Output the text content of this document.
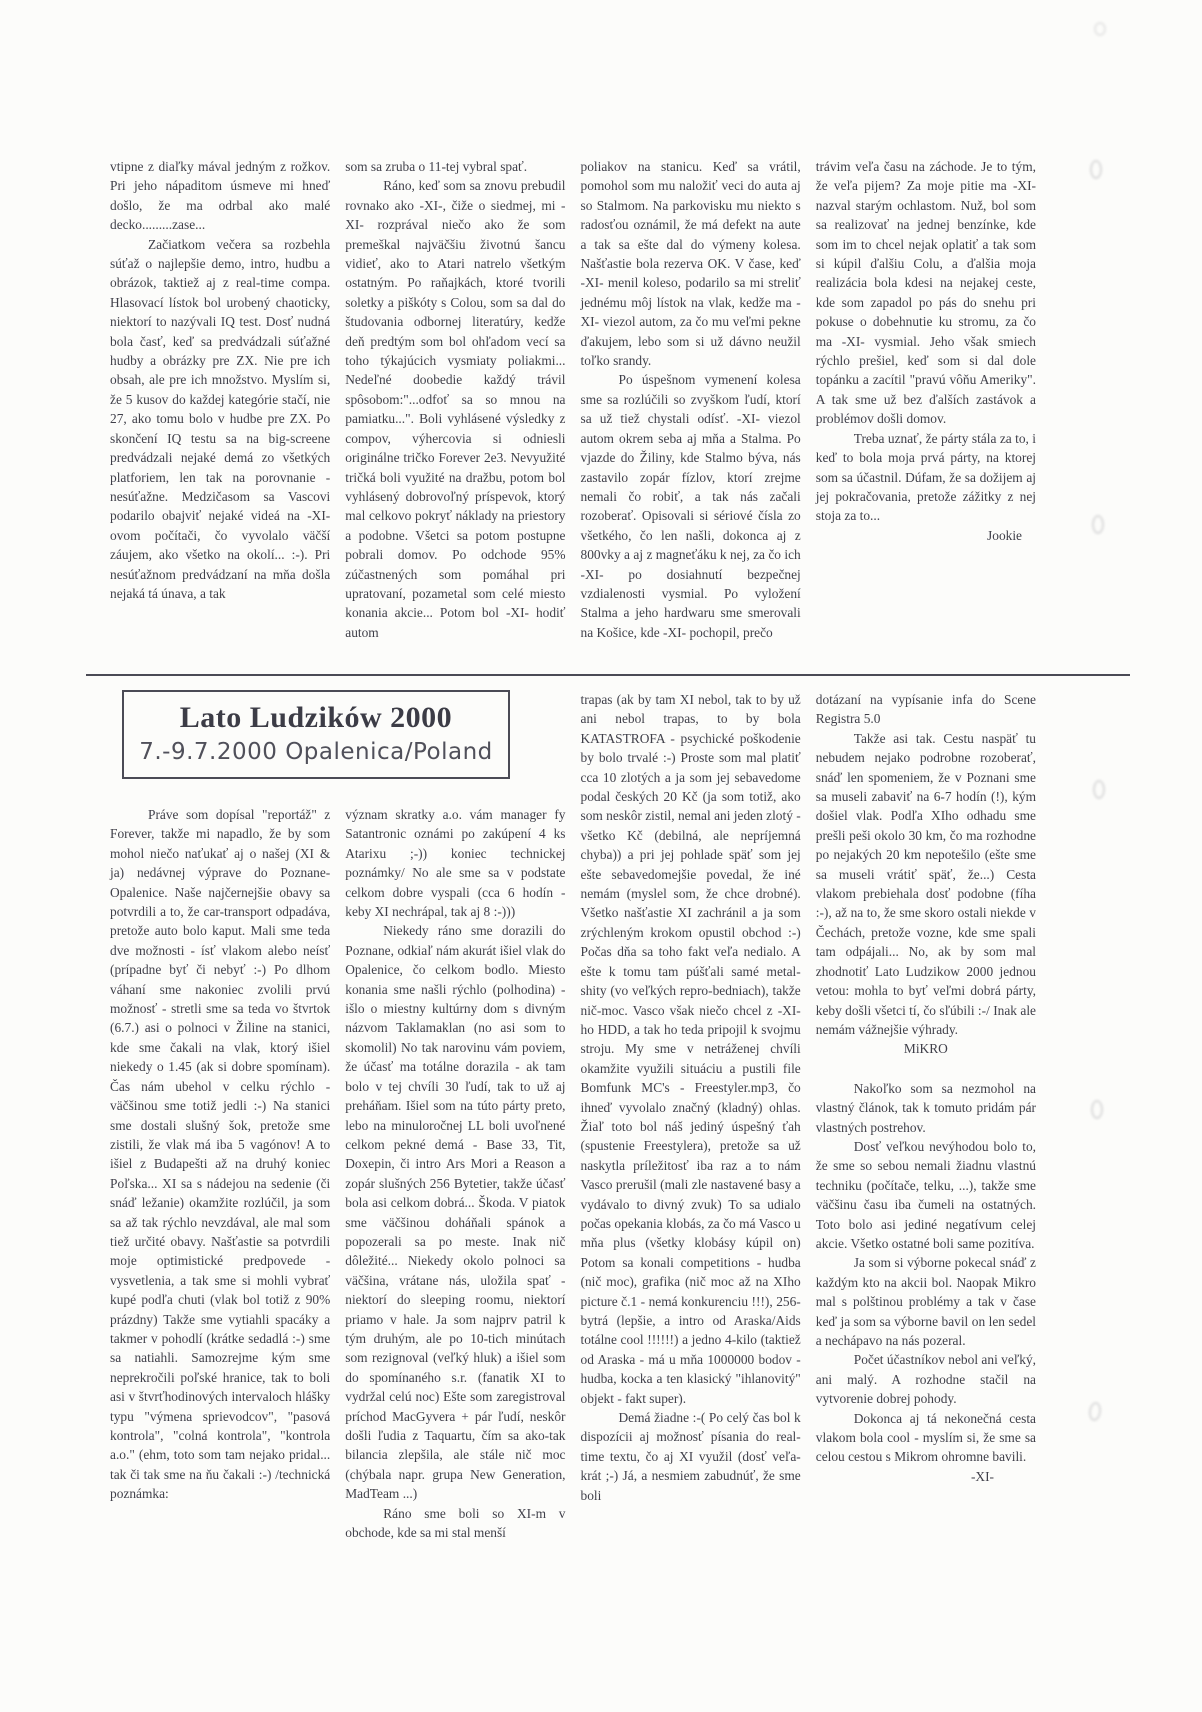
vtipne z diaľky mával jedným z rožkov. Pri jeho nápaditom úsmeve mi hneď došlo, že ma odrbal ako malé decko.........zase...

Začiatkom večera sa rozbehla súťaž o najlepšie demo, intro, hudbu a obrázok, taktiež aj z real-time compa. Hlasovací lístok bol urobený chaoticky, niektorí to nazývali IQ test. Dosť nudná bola časť, keď sa predvádzali súťažné hudby a obrázky pre ZX. Nie pre ich obsah, ale pre ich množstvo. Myslím si, že 5 kusov do každej kategórie stačí, nie 27, ako tomu bolo v hudbe pre ZX. Po skončení IQ testu sa na big-screene predvádzali nejaké demá zo všetkých platforiem, len tak na porovnanie - nesúťažne. Medzičasom sa Vascovi podarilo obajviť nejaké videá na -XI-ovom počítači, čo vyvolalo väčší záujem, ako všetko na okolí... :-). Pri nesúťažnom predvádzaní na mňa došla nejaká tá únava, a tak

som sa zruba o 11-tej vybral spať.

Ráno, keď som sa znovu prebudil rovnako ako -XI-, čiže o siedmej, mi -XI- rozprával niečo ako že som premeškal najväčšiu životnú šancu vidieť, ako to Atari natrelo všetkým ostatným. Po raňajkách, ktoré tvorili soletky a piškóty s Colou, som sa dal do študovania odbornej literatúry, kedže deň predtým som bol ohľadom vecí sa toho týkajúcich vysmiaty poliakmi... Nedeľné doobedie každý trávil spôsobom:"...odfoť sa so mnou na pamiatku...". Boli vyhlásené výsledky z compov, výhercovia si odniesli originálne tričko Forever 2e3. Nevyužité tričká boli využité na dražbu, potom bol vyhlásený dobrovoľný príspevok, ktorý mal celkovo pokryť náklady na priestory a podobne. Všetci sa potom postupne pobrali domov. Po odchode 95% zúčastnených som pomáhal pri upratovaní, pozametal som celé miesto konania akcie... Potom bol -XI- hodiť autom

poliakov na stanicu. Keď sa vrátil, pomohol som mu naložiť veci do auta aj so Stalmom. Na parkovisku mu niekto s radosťou oznámil, že má defekt na aute a tak sa ešte dal do výmeny kolesa. Našťastie bola rezerva OK. V čase, keď -XI- menil koleso, podarilo sa mi streliť jednému môj lístok na vlak, kedže ma -XI- viezol autom, za čo mu veľmi pekne ďakujem, lebo som si už dávno neužil toľko srandy.

Po úspešnom vymenení kolesa sme sa rozlúčili so zvyškom ľudí, ktorí sa už tiež chystali odísť. -XI- viezol autom okrem seba aj mňa a Stalma. Po vjazde do Žiliny, kde Stalmo býva, nás zastavilo zopár fízlov, ktorí zrejme nemali čo robiť, a tak nás začali rozoberať. Opisovali si sériové čísla zo všetkého, čo len našli, dokonca aj z 800vky a aj z magneťáku k nej, za čo ich -XI- po dosiahnutí bezpečnej vzdialenosti vysmial. Po vyložení Stalma a jeho hardwaru sme smerovali na Košice, kde -XI- pochopil, prečo

trávim veľa času na záchode. Je to tým, že veľa pijem? Za moje pitie ma -XI- nazval starým ochlastom. Nuž, bol som sa realizovať na jednej benzínke, kde som im to chcel nejak oplatiť a tak som si kúpil ďalšiu Colu, a ďalšia moja realizácia bola kdesi na nejakej ceste, kde som zapadol po pás do snehu pri pokuse o dobehnutie ku stromu, za čo ma -XI- vysmial. Jeho však smiech rýchlo prešiel, keď som si dal dole topánku a zacítil "pravú vôňu Ameriky". A tak sme už bez ďalších zastávok a problémov došli domov.

Treba uznať, že párty stála za to, i keď to bola moja prvá párty, na ktorej som sa účastnil. Dúfam, že sa dožijem aj jej pokračovania, pretože zážitky z nej stoja za to...

Jookie

Lato Ludzików 2000
7.-9.7.2000 Opalenica/Poland

Práve som dopísal "reportáž" z Forever, takže mi napadlo, že by som mohol niečo naťukať aj o našej (XI & ja) nedávnej výprave do Poznane-Opalenice. Naše najčernejšie obavy sa potvrdili a to, že car-transport odpadáva, pretože auto bolo kaput. Mali sme teda dve možnosti - ísť vlakom alebo neísť (prípadne byť či nebyť :-) Po dlhom váhaní sme nakoniec zvolili prvú možnosť - stretli sme sa teda vo štvrtok (6.7.) asi o polnoci v Žiline na stanici, kde sme čakali na vlak, ktorý išiel niekedy o 1.45 (ak si dobre spomínam). Čas nám ubehol v celku rýchlo - väčšinou sme totiž jedli :-) Na stanici sme dostali slušný šok, pretože sme zistili, že vlak má iba 5 vagónov! A to išiel z Budapešti až na druhý koniec Poľska... XI sa s nádejou na sedenie (či snáď ležanie) okamžite rozlúčil, ja som sa až tak rýchlo nevzdával, ale mal som tiež určité obavy. Našťastie sa potvrdili moje optimistické predpovede -vysvetlenia, a tak sme si mohli vybrať kupé podľa chuti (vlak bol totiž z 90% prázdny) Takže sme vytiahli spacáky a takmer v pohodlí (krátke sedadlá :-) sme sa natiahli. Samozrejme kým sme neprekročili poľské hranice, tak to boli asi v štvrťhodinových intervaloch hlášky typu "výmena sprievodcov", "pasová kontrola", "colná kontrola", "kontrola a.o." (ehm, toto som tam nejako pridal... tak či tak sme na ňu čakali :-) /technická poznámka:

význam skratky a.o. vám manager fy Satantronic oznámi po zakúpení 4 ks Atarixu ;-)) koniec technickej poznámky/ No ale sme sa v podstate celkom dobre vyspali (cca 6 hodín - keby XI nechrápal, tak aj 8 :-)))

Niekedy ráno sme dorazili do Poznane, odkiaľ nám akurát išiel vlak do Opalenice, čo celkom bodlo. Miesto konania sme našli rýchlo (polhodina) - išlo o miestny kultúrny dom s divným názvom Taklamaklan (no asi som to skomolil) No tak narovinu vám poviem, že účasť ma totálne dorazila - ak tam bolo v tej chvíli 30 ľudí, tak to už aj preháňam. Išiel som na túto párty preto, lebo na minuloročnej LL boli uvoľnené celkom pekné demá - Base 33, Tit, Doxepin, či intro Ars Mori a Reason a zopár slušných 256 Bytetier, takže účasť bola asi celkom dobrá... Škoda. V piatok sme väčšinou doháňali spánok a popozerali sa po meste. Inak nič dôležité... Niekedy okolo polnoci sa väčšina, vrátane nás, uložila spať - niektorí do sleeping roomu, niektorí priamo v hale. Ja som najprv patril k tým druhým, ale po 10-tich minútach som rezignoval (veľký hluk) a išiel som do spomínaného s.r. (fanatik XI to vydržal celú noc) Ešte som zaregistroval príchod MacGyvera + pár ľudí, neskôr došli ľudia z Taquartu, čím sa ako-tak bilancia zlepšila, ale stále nič moc (chýbala napr. grupa New Generation, MadTeam ...)

Ráno sme boli so XI-m v obchode, kde sa mi stal menší

trapas (ak by tam XI nebol, tak to by už ani nebol trapas, to by bola KATASTROFA - psychické poškodenie by bolo trvalé :-) Proste som mal platiť cca 10 zlotých a ja som jej sebavedome podal českých 20 Kč (ja som totiž, ako som neskôr zistil, nemal ani jeden zlotý - všetko Kč (debilná, ale nepríjemná chyba)) a pri jej pohlade späť som jej ešte sebavedomejšie povedal, že iné nemám (myslel som, že chce drobné). Všetko našťastie XI zachránil a ja som zrýchleným krokom opustil obchod :-) Počas dňa sa toho fakt veľa nedialo. A ešte k tomu tam púšťali samé metal-shity (vo veľkých repro-bedniach), takže nič-moc. Vasco však niečo chcel z -XI-ho HDD, a tak ho teda pripojil k svojmu stroju. My sme v netráženej chvíli okamžite využili situáciu a pustili file Bomfunk MC's - Freestyler.mp3, čo ihneď vyvolalo značný (kladný) ohlas. Žiaľ toto bol náš jediný úspešný ťah (spustenie Freestylera), pretože sa už naskytla príležitosť iba raz a to nám Vasco prerušil (mali zle nastavené basy a vydávalo to divný zvuk) To sa udialo počas opekania klobás, za čo má Vasco u mňa plus (všetky klobásy kúpil on) Potom sa konali competitions - hudba (nič moc), grafika (nič moc až na XIho picture č.1 - nemá konkurenciu !!!), 256-bytrá (lepšie, a intro od Araska/Aids totálne cool !!!!!!) a jedno 4-kilo (taktiež od Araska - má u mňa 1000000 bodov - hudba, kocka a ten klasický "ihlanovitý" objekt - fakt super).

Demá žiadne :-( Po celý čas bol k dispozícii aj možnosť písania do real-time textu, čo aj XI využil (dosť veľa-krát ;-) Já, a nesmiem zabudnúť, že sme boli

dotázaní na vypísanie infa do Scene Registra 5.0

Takže asi tak. Cestu naspäť tu nebudem nejako podrobne rozoberať, snáď len spomeniem, že v Poznani sme sa museli zabaviť na 6-7 hodín (!), kým došiel vlak. Podľa XIho odhadu sme prešli peši okolo 30 km, čo ma rozhodne po nejakých 20 km nepotešilo (ešte sme sa museli vrátiť späť, že...) Cesta vlakom prebiehala dosť podobne (fíha :-), až na to, že sme skoro ostali niekde v Čechách, pretože vozne, kde sme spali tam odpájali... No, ak by som mal zhodnotiť Lato Ludzikow 2000 jednou vetou: mohla to byť veľmi dobrá párty, keby došli všetci tí, čo sľúbili :-/ Inak ale nemám vážnejšie výhrady.

MiKRO

Nakoľko som sa nezmohol na vlastný článok, tak k tomuto pridám pár vlastných postrehov.

Dosť veľkou nevýhodou bolo to, že sme so sebou nemali žiadnu vlastnú techniku (počítače, telku, ...), takže sme väčšinu času iba čumeli na ostatných. Toto bolo asi jediné negatívum celej akcie. Všetko ostatné boli same pozitíva.

Ja som si výborne pokecal snáď z každým kto na akcii bol. Naopak Mikro mal s polštinou problémy a tak v čase keď ja som sa výborne bavil on len sedel a nechápavo na nás pozeral.

Počet účastníkov nebol ani veľký, ani malý. A rozhodne stačil na vytvorenie dobrej pohody.

Dokonca aj tá nekonečná cesta vlakom bola cool - myslím si, že sme sa celou cestou s Mikrom ohromne bavili.

-XI-
